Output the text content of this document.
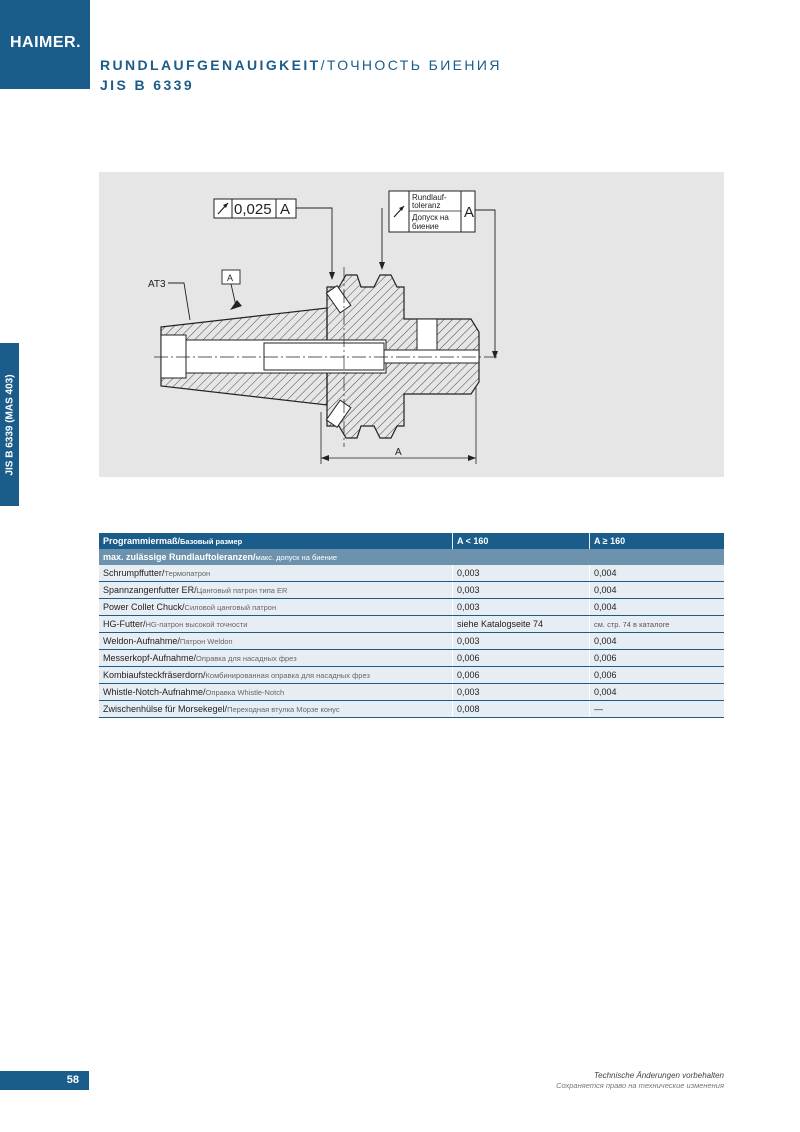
HAIMER.
RUNDLAUFGENAUIGKEIT/ТОЧНОСТЬ БИЕНИЯ
JIS B 6339
JIS B 6339 (MAS 403)
0,025 A
Rundlauf-
toleranz
Допуск на
биение
A
AT3
A
A
Programmiermaß/Базовый размер	A < 160	A ≥ 160
max. zulässige Rundlauftoleranzen/макс. допуск на биение		
Schrumpffutter/Термопатрон	0,003	0,004
Spannzangenfutter ER/Цанговый патрон типа ER	0,003	0,004
Power Collet Chuck/Силовой цанговый патрон	0,003	0,004
HG-Futter/HG-патрон высокой точности	siehe Katalogseite 74	см. стр. 74 в каталоге
Weldon-Aufnahme/Патрон Weldon	0,003	0,004
Messerkopf-Aufnahme/Оправка для насадных фрез	0,006	0,006
Kombiaufsteckfräserdorn/Комбинированная оправка для насадных фрез	0,006	0,006
Whistle-Notch-Aufnahme/Оправка Whistle-Notch	0,003	0,004
Zwischenhülse für Morsekegel/Переходная втулка Морзе конус	0,008	—
58	Technische Änderungen vorbehalten
Сохраняется право на технические изменения
